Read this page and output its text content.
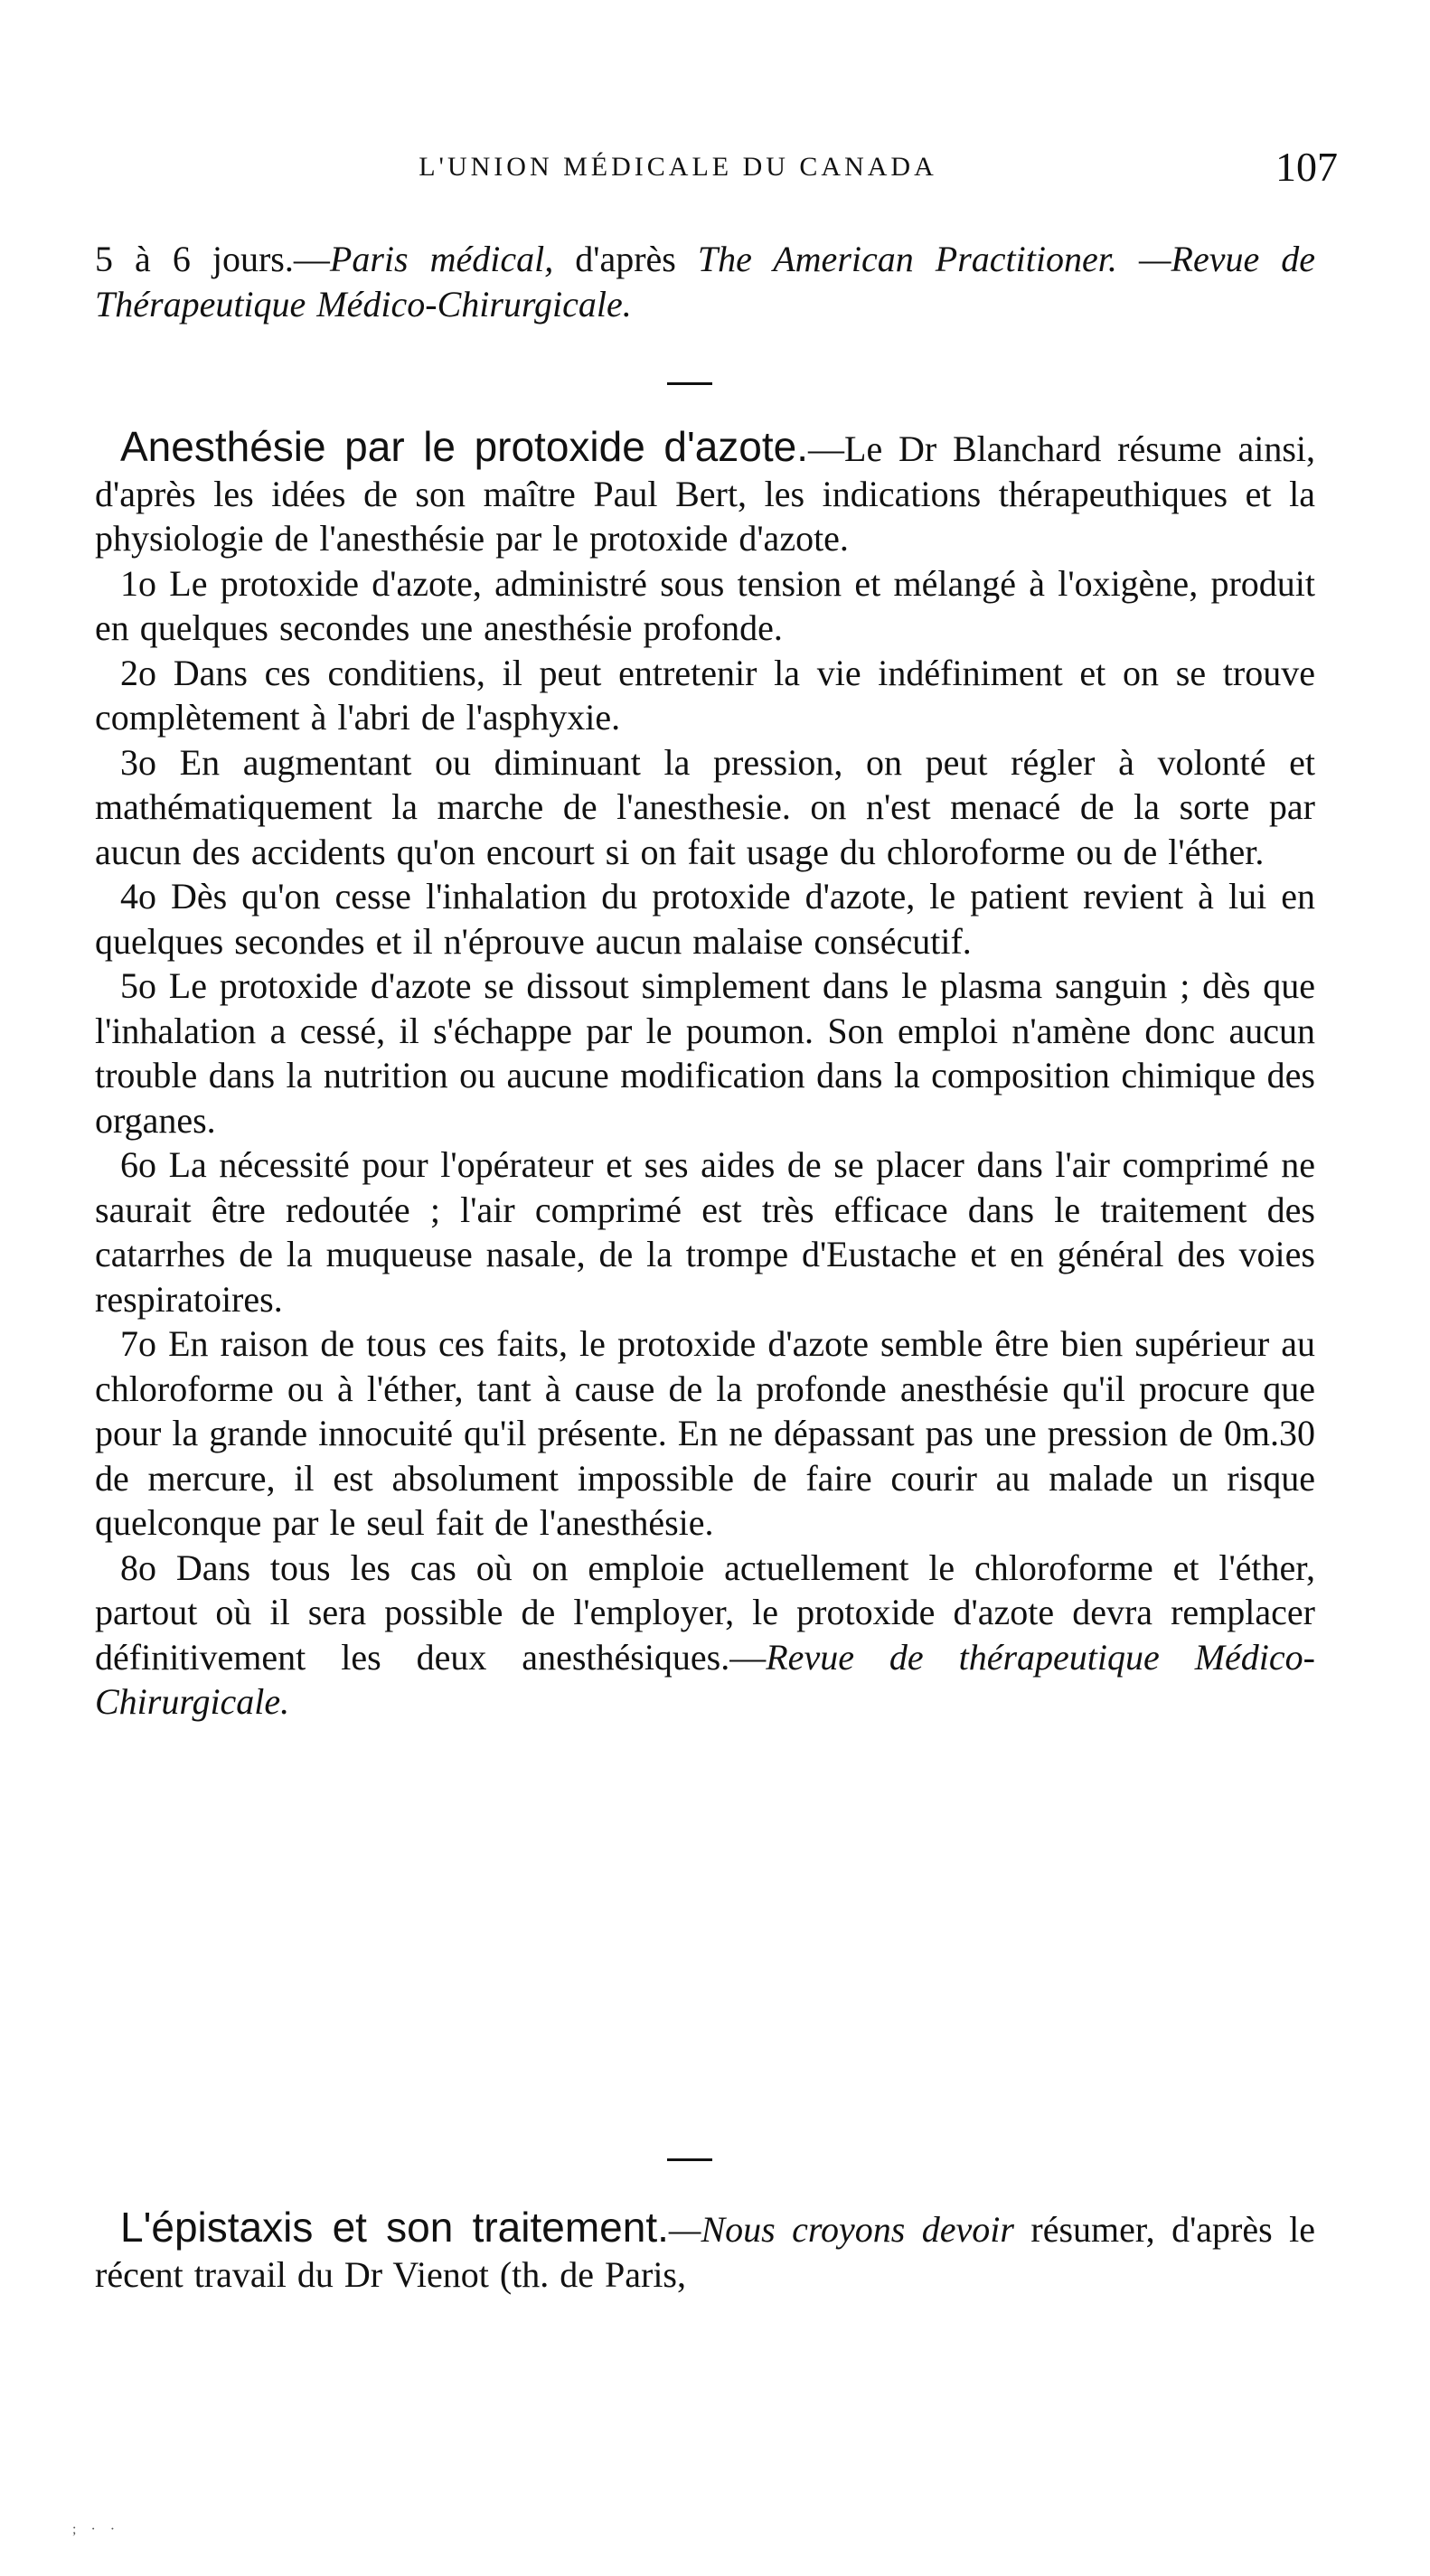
L'UNION MÉDICALE DU CANADA	107

5 à 6 jours.—Paris médical, d'après The American Practitioner. —Revue de Thérapeutique Médico-Chirurgicale.

Anesthésie par le protoxide d'azote.—Le Dr Blanchard résume ainsi, d'après les idées de son maître Paul Bert, les indications thérapeuthiques et la physiologie de l'anesthésie par le protoxide d'azote.

1o Le protoxide d'azote, administré sous tension et mélangé à l'oxigène, produit en quelques secondes une anesthésie profonde.

2o Dans ces conditiens, il peut entretenir la vie indéfiniment et on se trouve complètement à l'abri de l'asphyxie.

3o En augmentant ou diminuant la pression, on peut régler à volonté et mathématiquement la marche de l'anesthesie. on n'est menacé de la sorte par aucun des accidents qu'on encourt si on fait usage du chloroforme ou de l'éther.

4o Dès qu'on cesse l'inhalation du protoxide d'azote, le patient revient à lui en quelques secondes et il n'éprouve aucun malaise consécutif.

5o Le protoxide d'azote se dissout simplement dans le plasma sanguin ; dès que l'inhalation a cessé, il s'échappe par le poumon. Son emploi n'amène donc aucun trouble dans la nutrition ou aucune modification dans la composition chimique des organes.

6o La nécessité pour l'opérateur et ses aides de se placer dans l'air comprimé ne saurait être redoutée ; l'air comprimé est très efficace dans le traitement des catarrhes de la muqueuse nasale, de la trompe d'Eustache et en général des voies respiratoires.

7o En raison de tous ces faits, le protoxide d'azote semble être bien supérieur au chloroforme ou à l'éther, tant à cause de la profonde anesthésie qu'il procure que pour la grande innocuité qu'il présente. En ne dépassant pas une pression de 0m.30 de mercure, il est absolument impossible de faire courir au malade un risque quelconque par le seul fait de l'anesthésie.

8o Dans tous les cas où on emploie actuellement le chloroforme et l'éther, partout où il sera possible de l'employer, le protoxide d'azote devra remplacer définitivement les deux anesthésiques.—Revue de thérapeutique Médico-Chirurgicale.

L'épistaxis et son traitement.—Nous croyons devoir résumer, d'après le récent travail du Dr Vienot (th. de Paris,

; · ·
